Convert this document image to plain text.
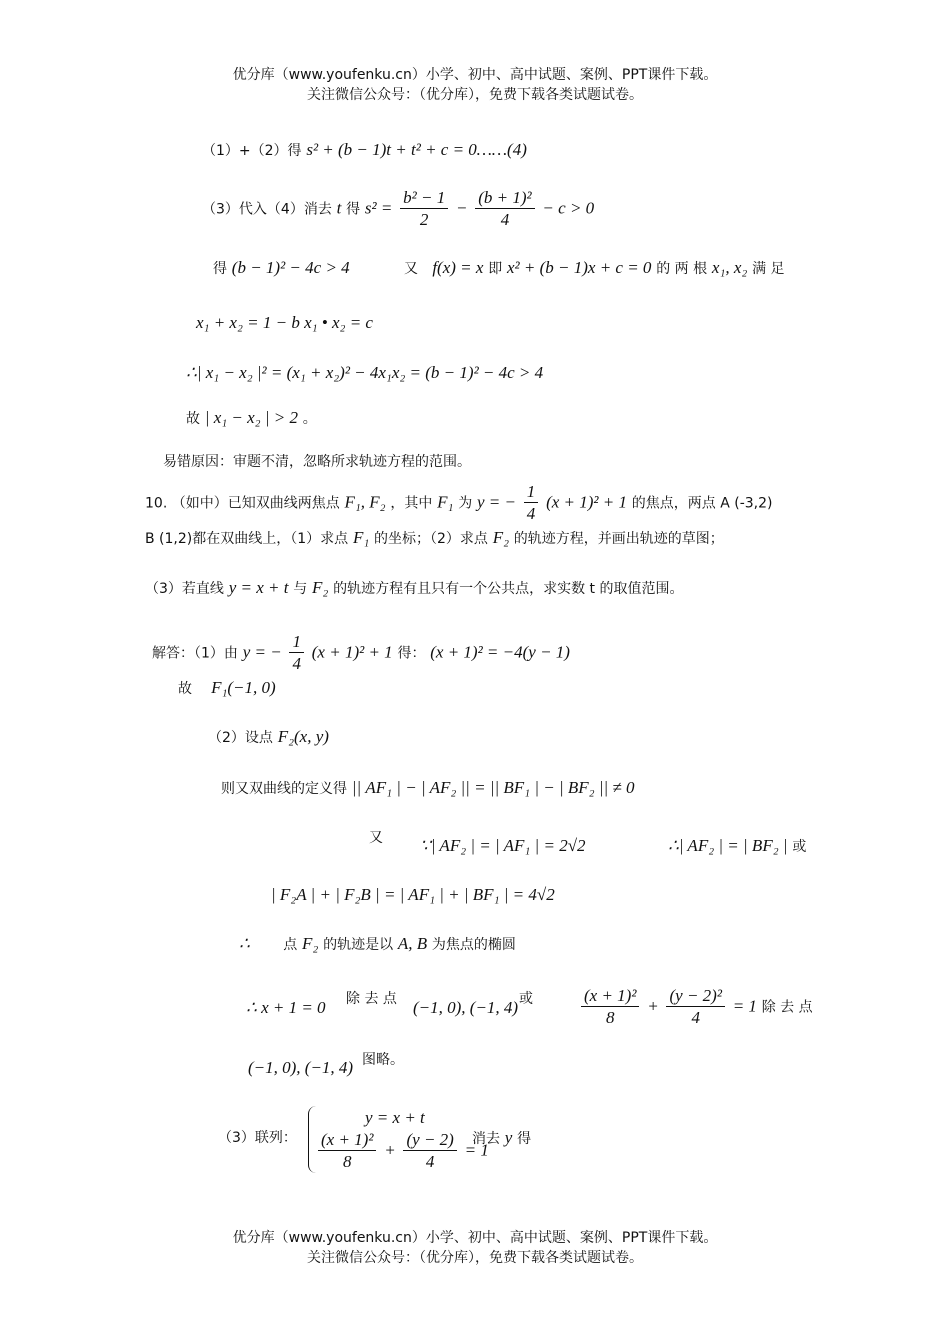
优分库（www.youfenku.cn）小学、初中、高中试题、案例、PPT课件下载。
关注微信公众号：（优分库），免费下载各类试题试卷。
（1）+（2）得 s² + (b − 1)t + t² + c = 0……(4)
（3）代入（4）消去 t 得 $s^2 = \frac{\text{b² − 1}}{2} - \frac{\text{(b + 1)²}}{4} - c > 0$
得 (b − 1)² − 4c > 4	又 f(x) = x 即 x² + (b − 1)x + c = 0 的 两 根 x₁, x₂ 满 足
x₁ + x₂ = 1 − b x₁ • x₂ = c
∴| x₁ − x₂ |² = (x₁ + x₂)² − 4x₁x₂ = (b − 1)² − 4c > 4
故 | x₁ − x₂ | > 2 。
易错原因：审题不清，忽略所求轨迹方程的范围。
10. （如中）已知双曲线两焦点 F₁, F₂ ，其中 F₁ 为 y = − $\frac{1}{4} (x + 1)^2 + 1$ 的焦点，两点 A (-3,2)
B (1,2)都在双曲线上，（1）求点 F₁ 的坐标；（2）求点 F₂ 的轨迹方程，并画出轨迹的草图；
（3）若直线 y = x + t 与 F₂ 的轨迹方程有且只有一个公共点，求实数 t 的取值范围。
解答：（1）由 y = − $\frac{1}{4} (x + 1)^2 + 1$ 得： (x + 1)² = −4(y − 1)
故 F₁(−1, 0)
（2）设点 F₂(x, y)
则又双曲线的定义得 || AF₁ | − | AF₂ || = || BF₁ | − | BF₂ || ≠ 0
又 ∵| AF₂ | = | AF₁ | = 2√2	∴| AF₂ | = | BF₂ | 或
| F₂A | + | F₂B | = | AF₁ | + | BF₁ | = 4√2
∴ 点 F₂ 的轨迹是以 A, B 为焦点的椭圆
∴ x + 1 = 0 除 去 点 (−1, 0), (−1, 4) 或	$\frac{\text{(x + 1)²}}{8} + \frac{\text{(y − 2)²}}{4} = 1$ 除 去 点
(−1, 0), (−1, 4) 图略。
（3）联列：
y = x + t
$\frac{\text{(x + 1)²}}{8} + \frac{(y - 2)}{4} = 1$
消去 y 得
优分库（www.youfenku.cn）小学、初中、高中试题、案例、PPT课件下载。
关注微信公众号：（优分库），免费下载各类试题试卷。
